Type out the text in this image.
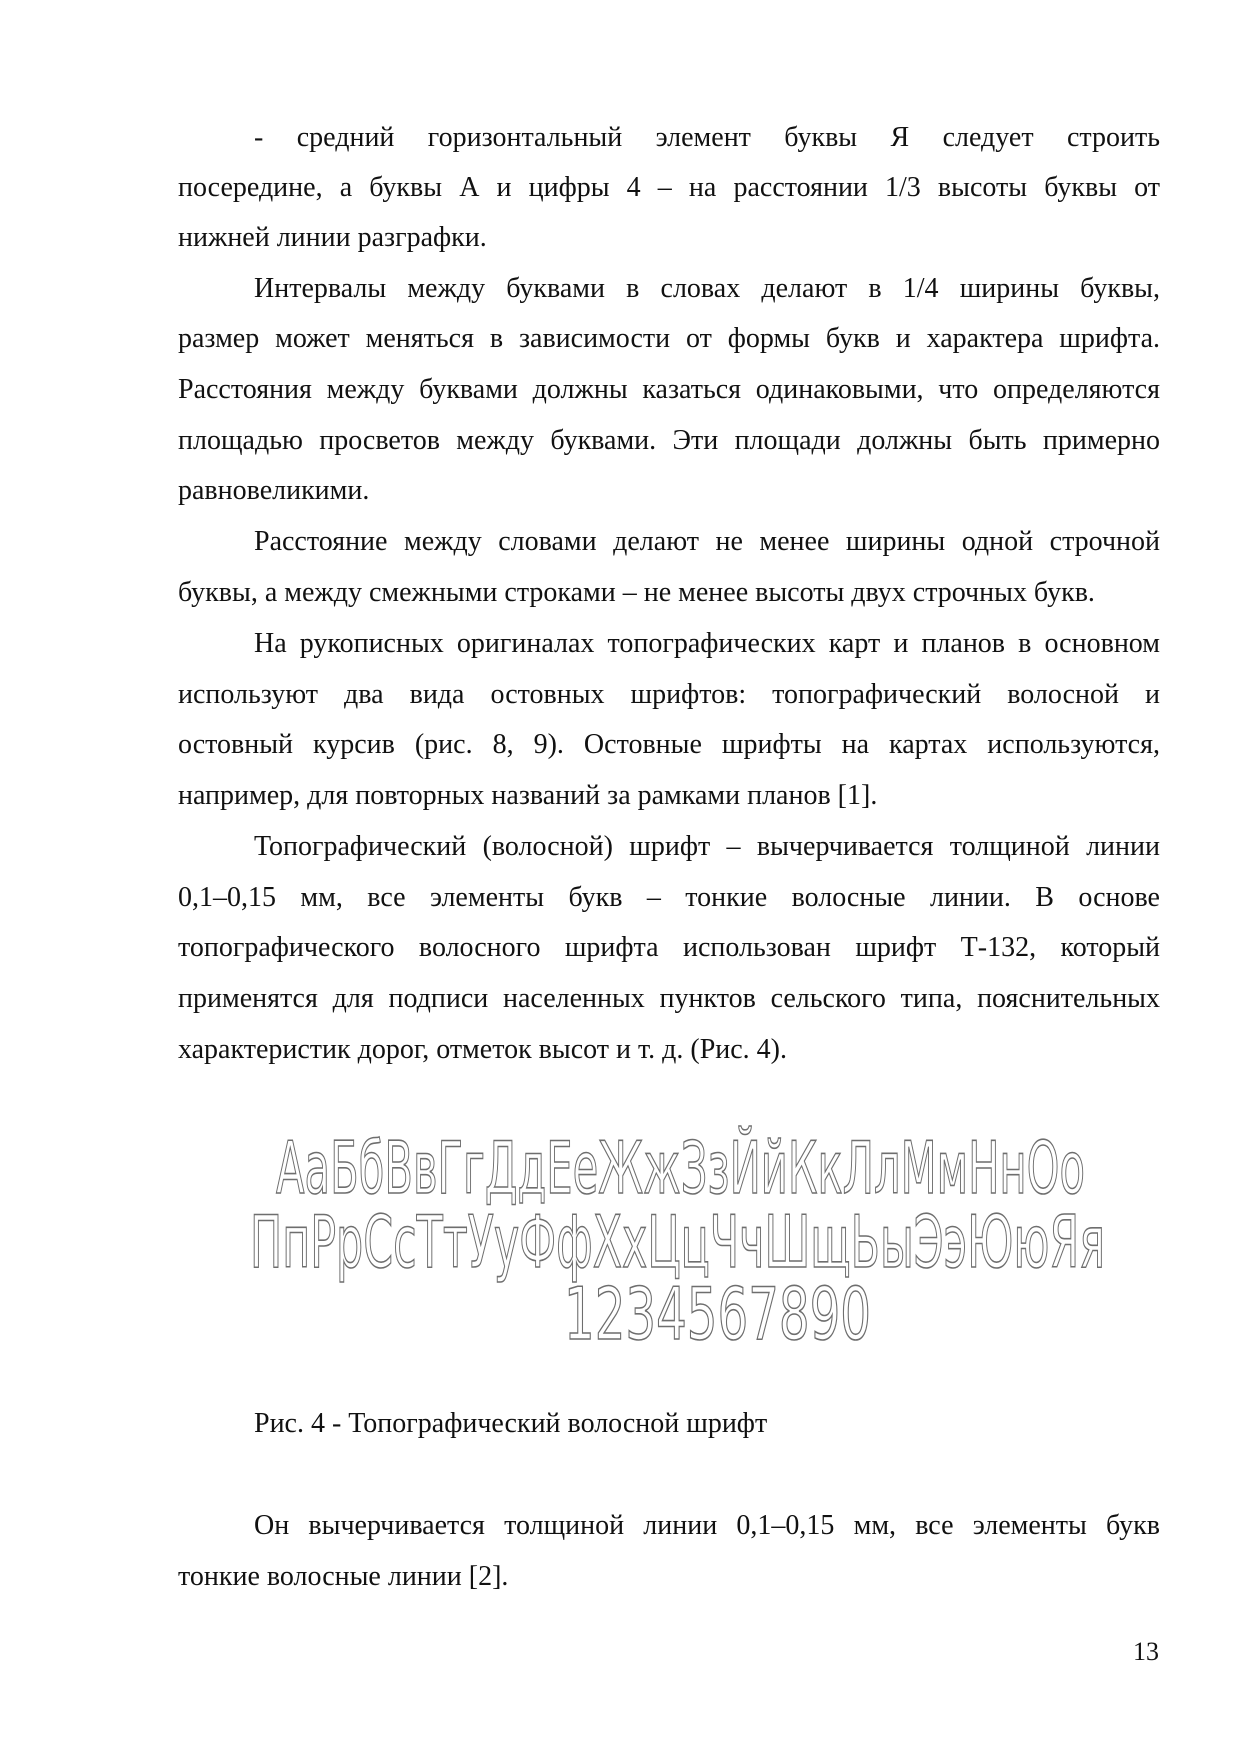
- средний горизонтальный элемент буквы Я следует строить
посередине, а буквы А и цифры 4 – на расстоянии 1/3 высоты буквы от
нижней линии разграфки.
Интервалы между буквами в словах делают в 1/4 ширины буквы,
размер может меняться в зависимости от формы букв и характера шрифта.
Расстояния между буквами должны казаться одинаковыми, что определяются
площадью просветов между буквами. Эти площади должны быть примерно
равновеликими.
Расстояние между словами делают не менее ширины одной строчной
буквы, а между смежными строками – не менее высоты двух строчных букв.
На рукописных оригиналах топографических карт и планов в основном
используют два вида остовных шрифтов: топографический волосной и
остовный курсив (рис. 8, 9). Остовные шрифты на картах используются,
например, для повторных названий за рамками планов [1].
Топографический (волосной) шрифт – вычерчивается толщиной линии
0,1–0,15 мм, все элементы букв – тонкие волосные линии. В основе
топографического волосного шрифта использован шрифт Т-132, который
применятся для подписи населенных пунктов сельского типа, пояснительных
характеристик дорог, отметок высот и т. д. (Рис. 4).
АаБбВвГгДдЕеЖжЗзЙйКкЛлМмНнОо
ПпРрСсТтУуФфХхЦцЧчШщЬыЭэЮюЯя
1234567890
Рис. 4 - Топографический волосной шрифт
Он вычерчивается толщиной линии 0,1–0,15 мм, все элементы букв
тонкие волосные линии [2].
13
